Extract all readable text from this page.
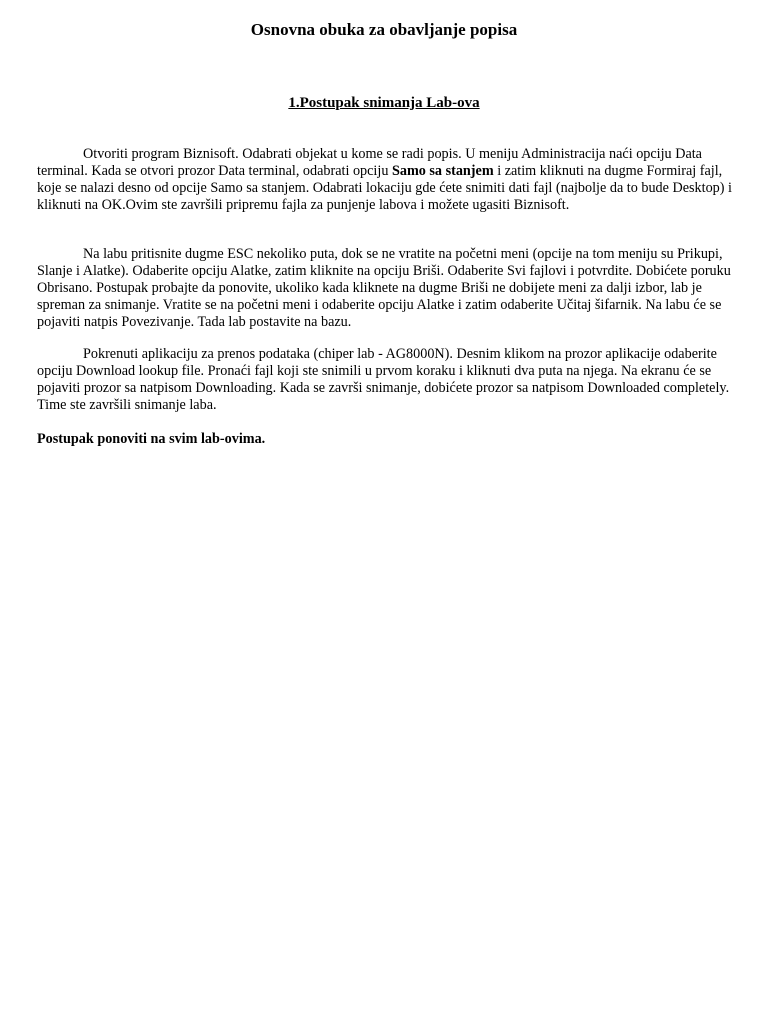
Osnovna obuka za obavljanje popisa
1.Postupak snimanja Lab-ova

Otvoriti program Biznisoft. Odabrati objekat u kome se radi popis. U meniju Administracija naći opciju Data terminal. Kada se otvori prozor Data terminal, odabrati opciju Samo sa stanjem i zatim kliknuti na dugme Formiraj fajl, koje se nalazi desno od opcije Samo sa stanjem. Odabrati lokaciju gde ćete snimiti dati fajl (najbolje da to bude Desktop) i kliknuti na OK.Ovim ste završili pripremu fajla za punjenje labova i možete ugasiti Biznisoft.

Na labu pritisnite dugme ESC nekoliko puta, dok se ne vratite na početni meni (opcije na tom meniju su Prikupi, Slanje i Alatke). Odaberite opciju Alatke, zatim kliknite na opciju Briši. Odaberite Svi fajlovi i potvrdite. Dobićete poruku Obrisano. Postupak probajte da ponovite, ukoliko kada kliknete na dugme Briši ne dobijete meni za dalji izbor, lab je spreman za snimanje. Vratite se na početni meni i odaberite opciju Alatke i zatim odaberite Učitaj šifarnik. Na labu će se pojaviti natpis Povezivanje. Tada lab postavite na bazu.

Pokrenuti aplikaciju za prenos podataka (chiper lab - AG8000N). Desnim klikom na prozor aplikacije odaberite opciju Download lookup file. Pronaći fajl koji ste snimili u prvom koraku i kliknuti dva puta na njega. Na ekranu će se pojaviti prozor sa natpisom Downloading. Kada se završi snimanje, dobićete prozor sa natpisom Downloaded completely. Time ste završili snimanje laba.

Postupak ponoviti na svim lab-ovima.
